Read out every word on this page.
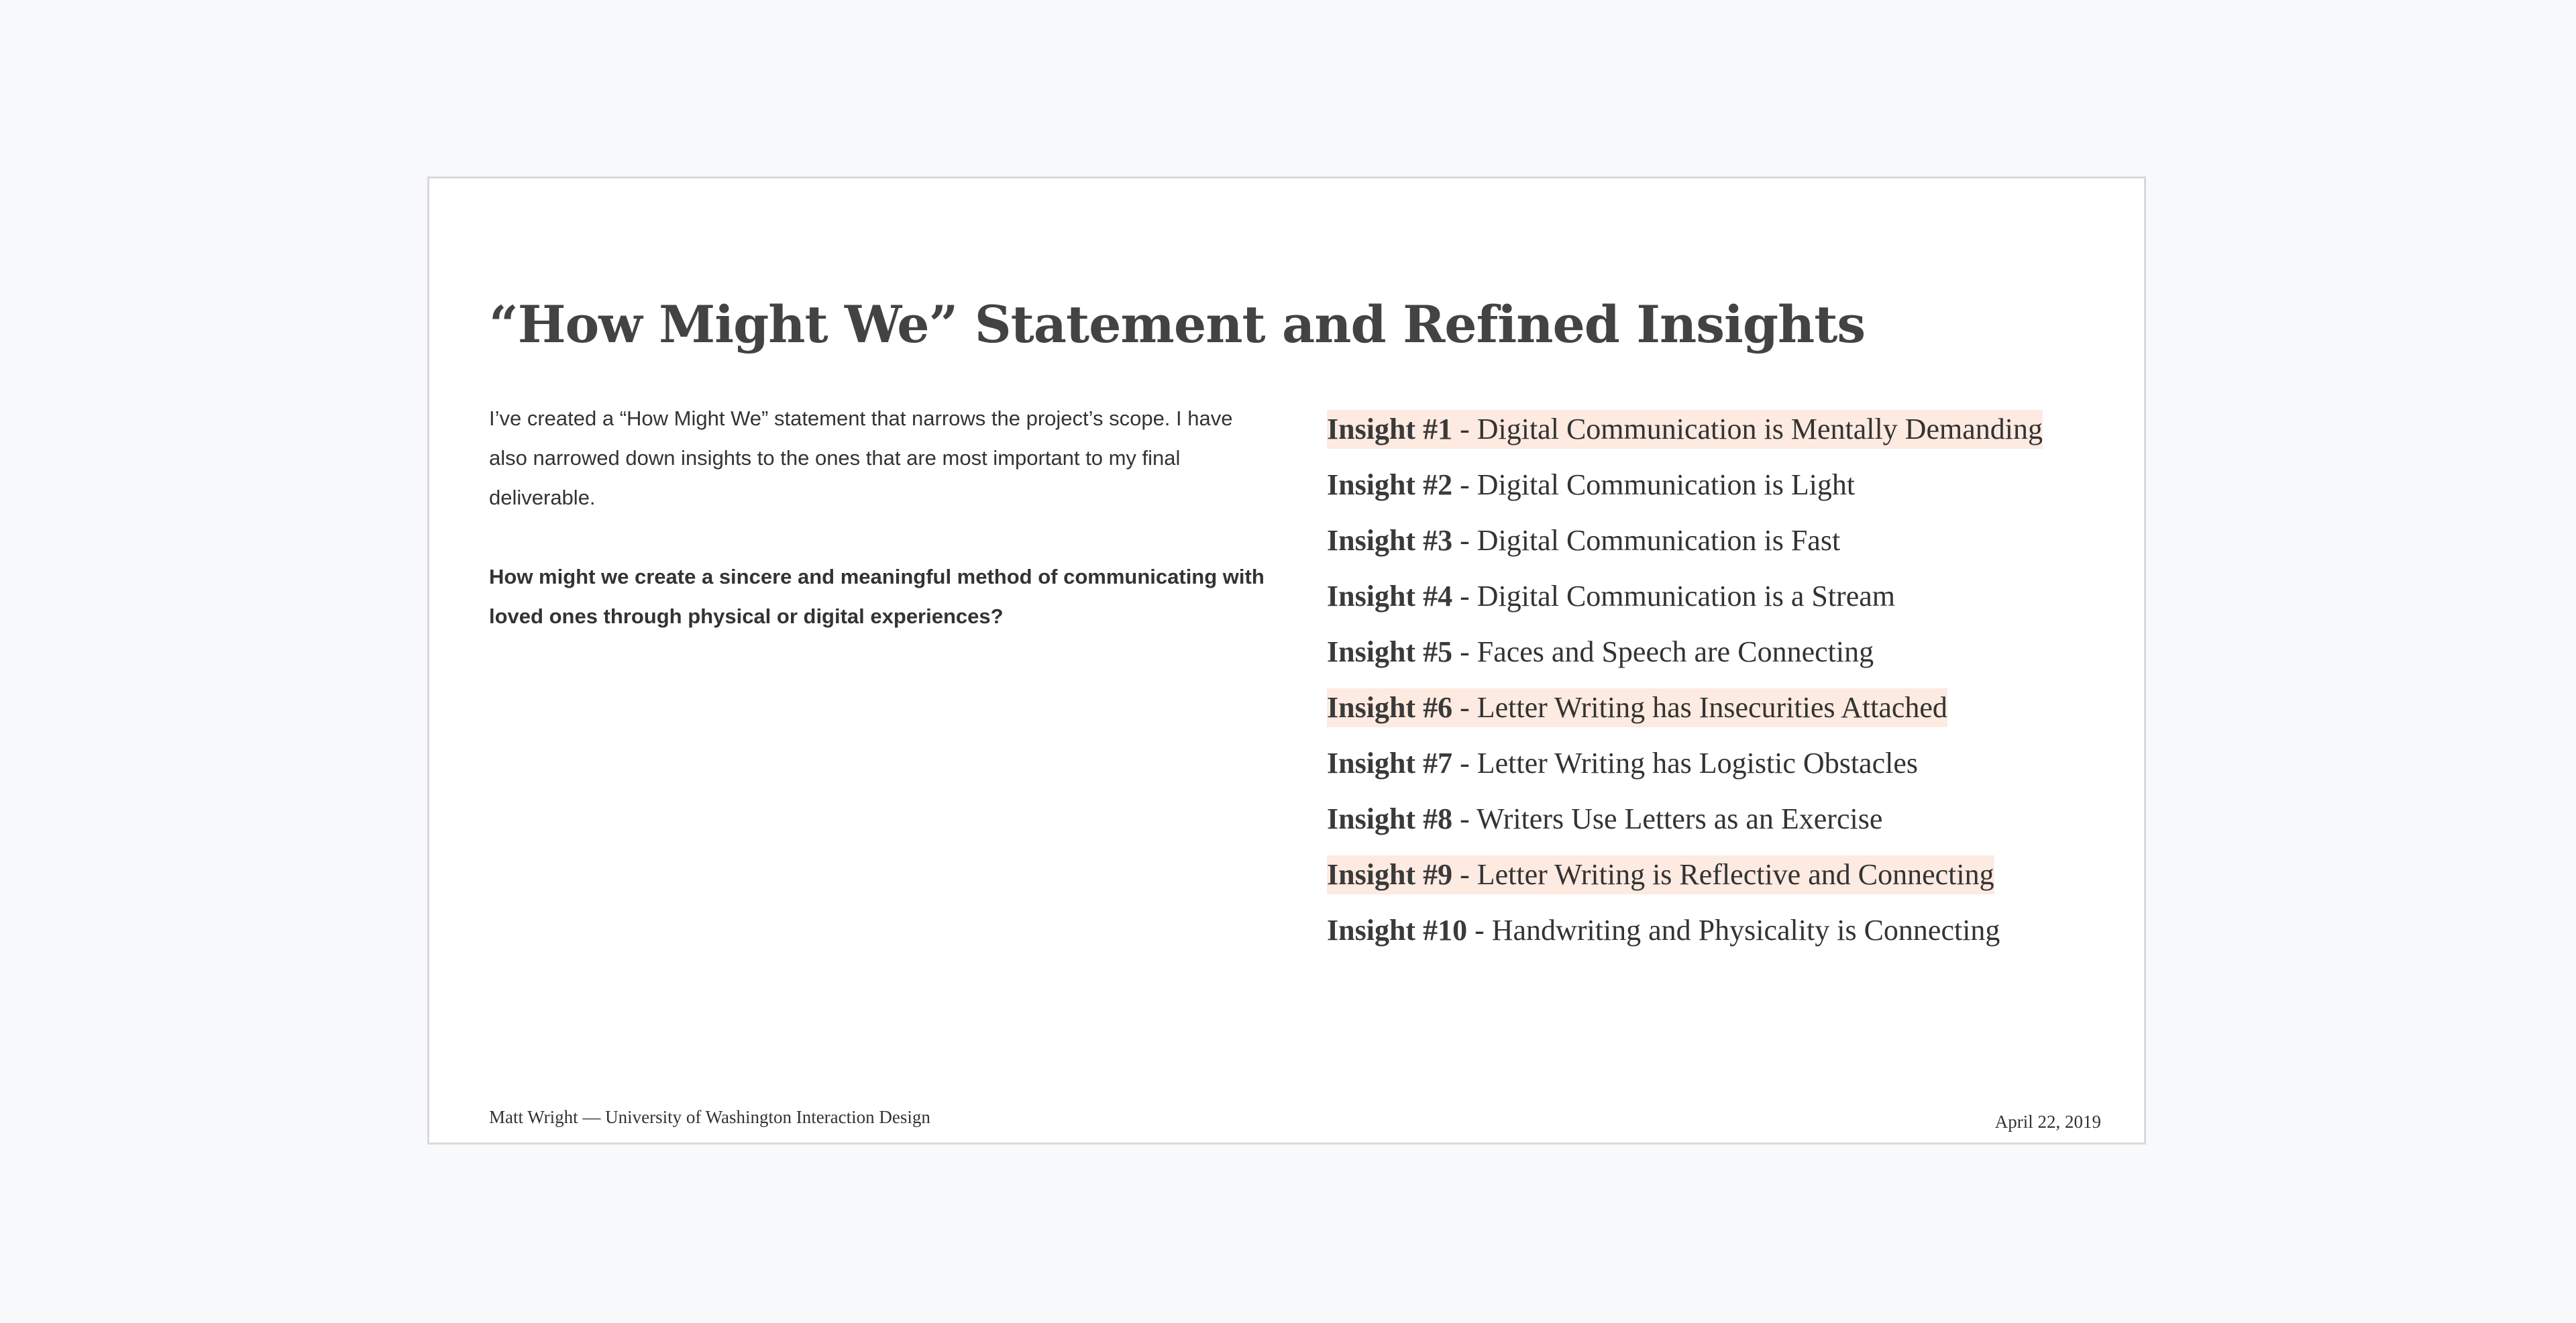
“How Might We” Statement and Refined Insights

I’ve created a “How Might We” statement that narrows the project’s scope. I have also narrowed down insights to the ones that are most important to my final deliverable.

How might we create a sincere and meaningful method of communicating with loved ones through physical or digital experiences?

Insight #1 - Digital Communication is Mentally Demanding
Insight #2 - Digital Communication is Light
Insight #3 - Digital Communication is Fast
Insight #4 - Digital Communication is a Stream
Insight #5 - Faces and Speech are Connecting
Insight #6 - Letter Writing has Insecurities Attached
Insight #7 - Letter Writing has Logistic Obstacles
Insight #8 - Writers Use Letters as an Exercise
Insight #9 - Letter Writing is Reflective and Connecting
Insight #10 - Handwriting and Physicality is Connecting
Matt Wright — University of Washington Interaction Design	April 22, 2019
